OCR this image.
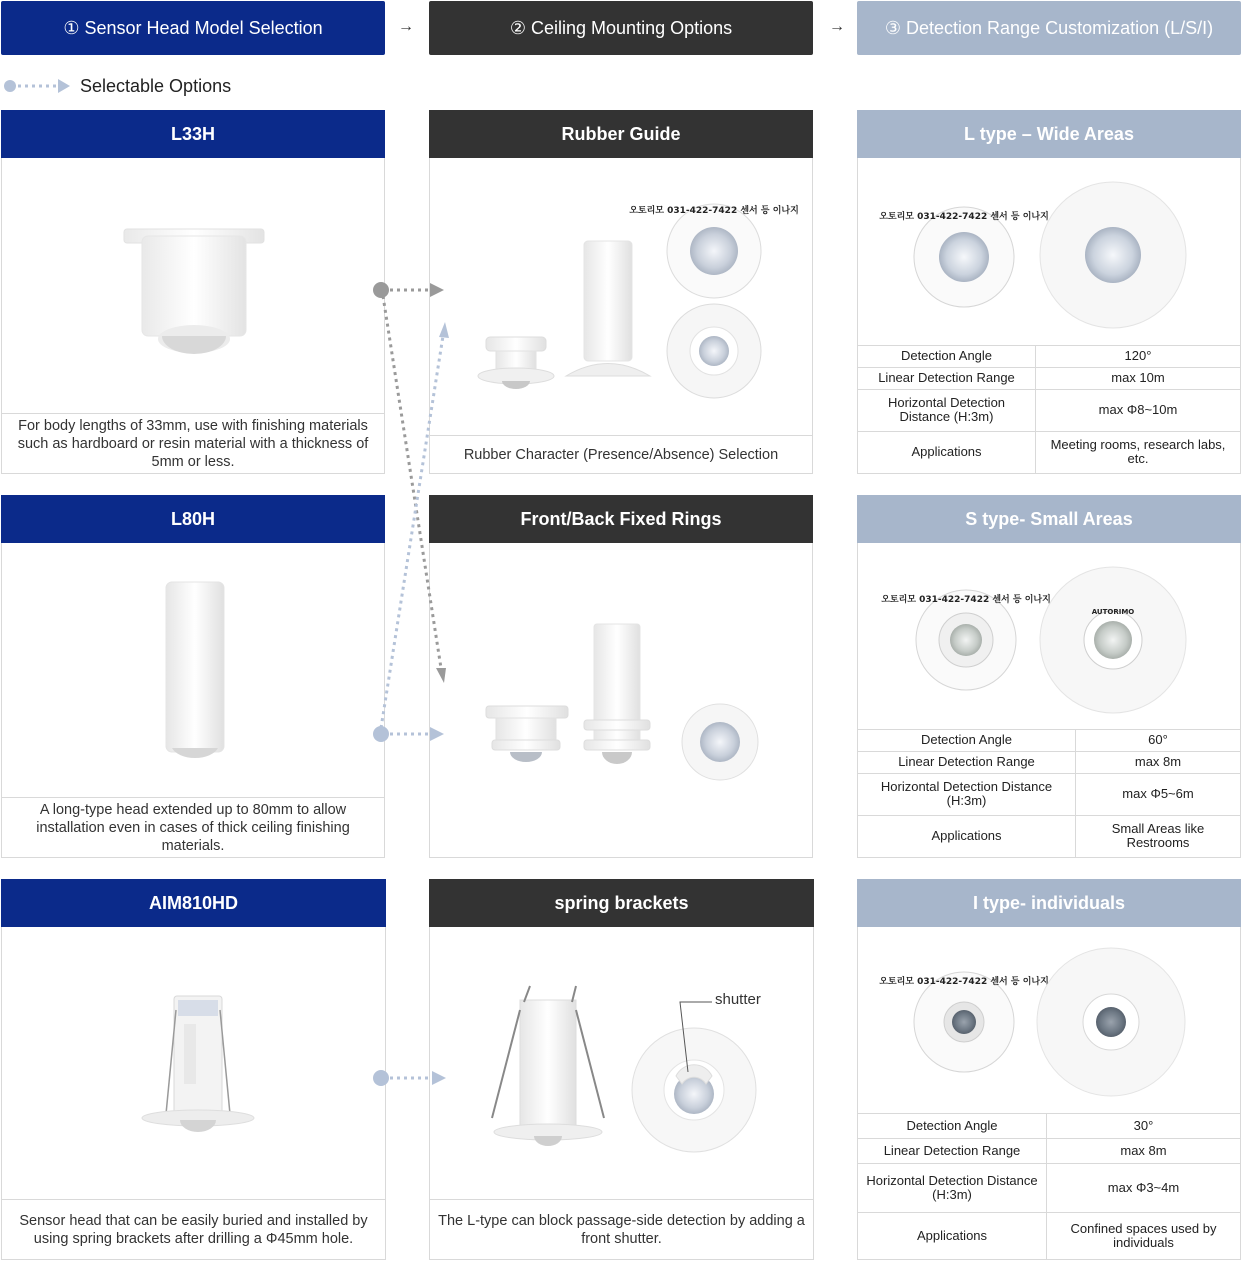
① Sensor Head Model Selection	→	② Ceiling Mounting Options	→ ③ Detection Range Customization (L/S/I)
Selectable Options
L33H
For body lengths of 33mm, use with finishing materials such as hardboard or resin material with a thickness of 5mm or less.
L80H
A long-type head extended up to 80mm to allow installation even in cases of thick ceiling finishing materials.
AIM810HD
Sensor head that can be easily buried and installed by using spring brackets after drilling a Φ45mm hole.
Rubber Guide
오토리모 031-422-7422 센서 등 이나지
Rubber Character (Presence/Absence) Selection
Front/Back Fixed Rings
spring brackets
shutter
The L-type can block passage-side detection by adding a front shutter.
L type – Wide Areas
오토리모 031-422-7422 센서 등 이나지
Detection Angle	120°
Linear Detection Range	max 10m
Horizontal Detection Distance (H:3m)	max Φ8~10m
Applications	Meeting rooms, research labs, etc.
S type- Small Areas
오토리모 031-422-7422 센서 등 이나지
AUTORIMO
Detection Angle	60°
Linear Detection Range	max 8m
Horizontal Detection Distance (H:3m)	max Φ5~6m
Applications	Small Areas like Restrooms
I type- individuals
오토리모 031-422-7422 센서 등 이나지
Detection Angle	30°
Linear Detection Range	max 8m
Horizontal Detection Distance (H:3m)	max Φ3~4m
Applications	Confined spaces used by individuals
